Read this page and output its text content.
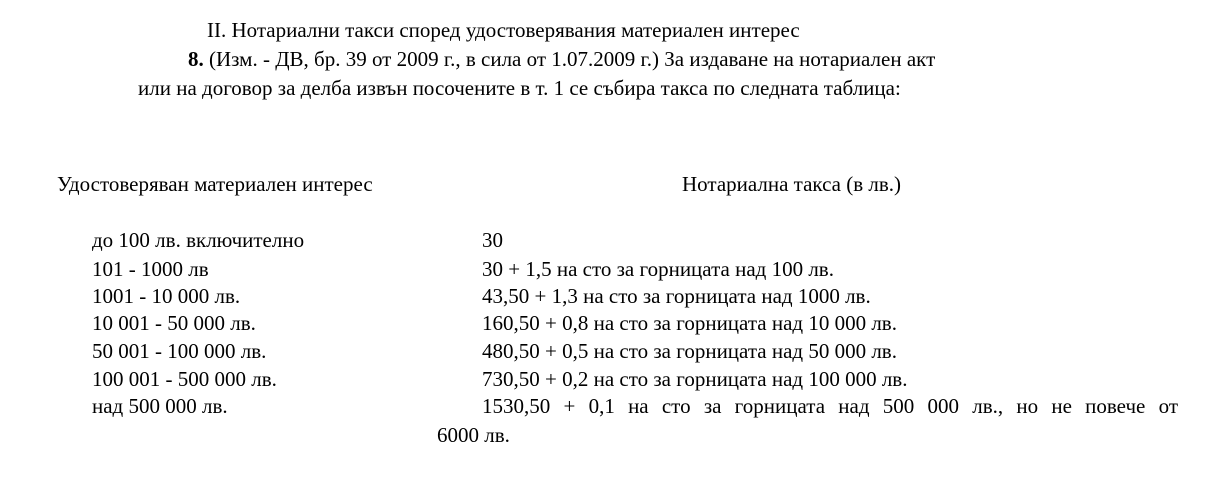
II. Нотариални такси според удостоверявания материален интерес
8. (Изм. - ДВ, бр. 39 от 2009 г., в сила от 1.07.2009 г.) За издаване на нотариален акт
или на договор за делба извън посочените в т. 1 се събира такса по следната таблица:
Удостоверяван материален интерес	Нотариална такса (в лв.)
до 100 лв. включително	30
101 - 1000 лв	30 + 1,5 на сто за горницата над 100 лв.
1001 - 10 000 лв.	43,50 + 1,3 на сто за горницата над 1000 лв.
10 001 - 50 000 лв.	160,50 + 0,8 на сто за горницата над 10 000 лв.
50 001 - 100 000 лв.	480,50 + 0,5 на сто за горницата над 50 000 лв.
100 001 - 500 000 лв.	730,50 + 0,2 на сто за горницата над 100 000 лв.
над 500 000 лв.	1530,50 + 0,1 на сто за горницата над 500 000 лв., но не повече от
6000 лв.
